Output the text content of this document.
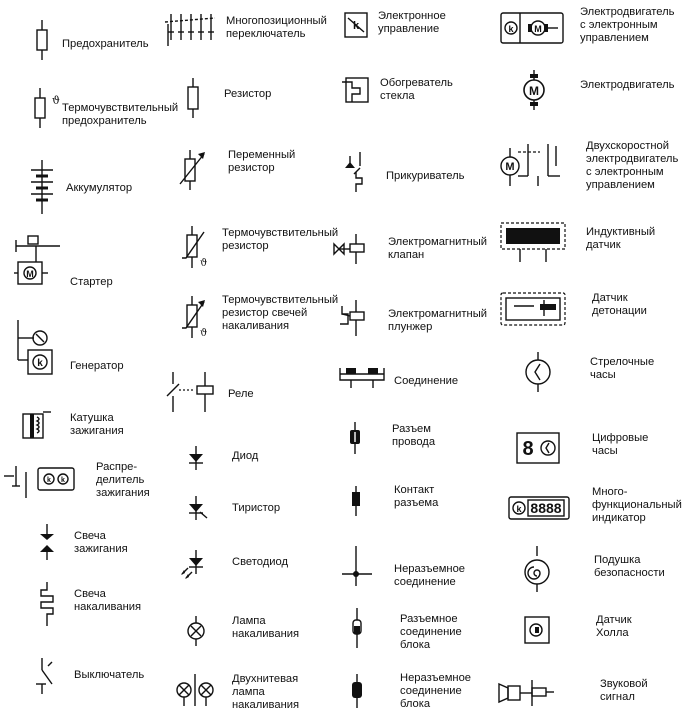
Предохранитель
ϑ
Термочувствительный
предохранитель
Аккумулятор
M
Стартер
k Генератор
Катушка
зажигания
k k
Распре-
делитель
зажигания
Свеча
зажигания
Свеча
накаливания
Выключатель
Многопозиционный
переключатель
Резистор
Переменный
резистор
ϑ
Термочувствительный
резистор
ϑ
Термочувствительный
резистор свечей
накаливания
Реле
Диод
Тиристор
Светодиод
Лампа
накаливания
Двухнитевая
лампа
накаливания
k
Электронное
управление
Обогреватель
стекла
Прикуриватель
Электромагнитный
клапан
Электромагнитный
плунжер
Соединение
Разъем
провода
Контакт
разъема
Неразъемное
соединение
Разъемное
соединение
блока
Неразъемное
соединение
блока
k M
Электродвигатель
с электронным
управлением
M	Электродвигатель
M
Двухскоростной
электродвигатель
с электронным
управлением
Индуктивный
датчик
Датчик
детонации
Стрелочные
часы
8	Цифровые
часы
k 8888
Много-
функциональный
индикатор
Подушка
безопасности
Датчик
Холла
Звуковой
сигнал
